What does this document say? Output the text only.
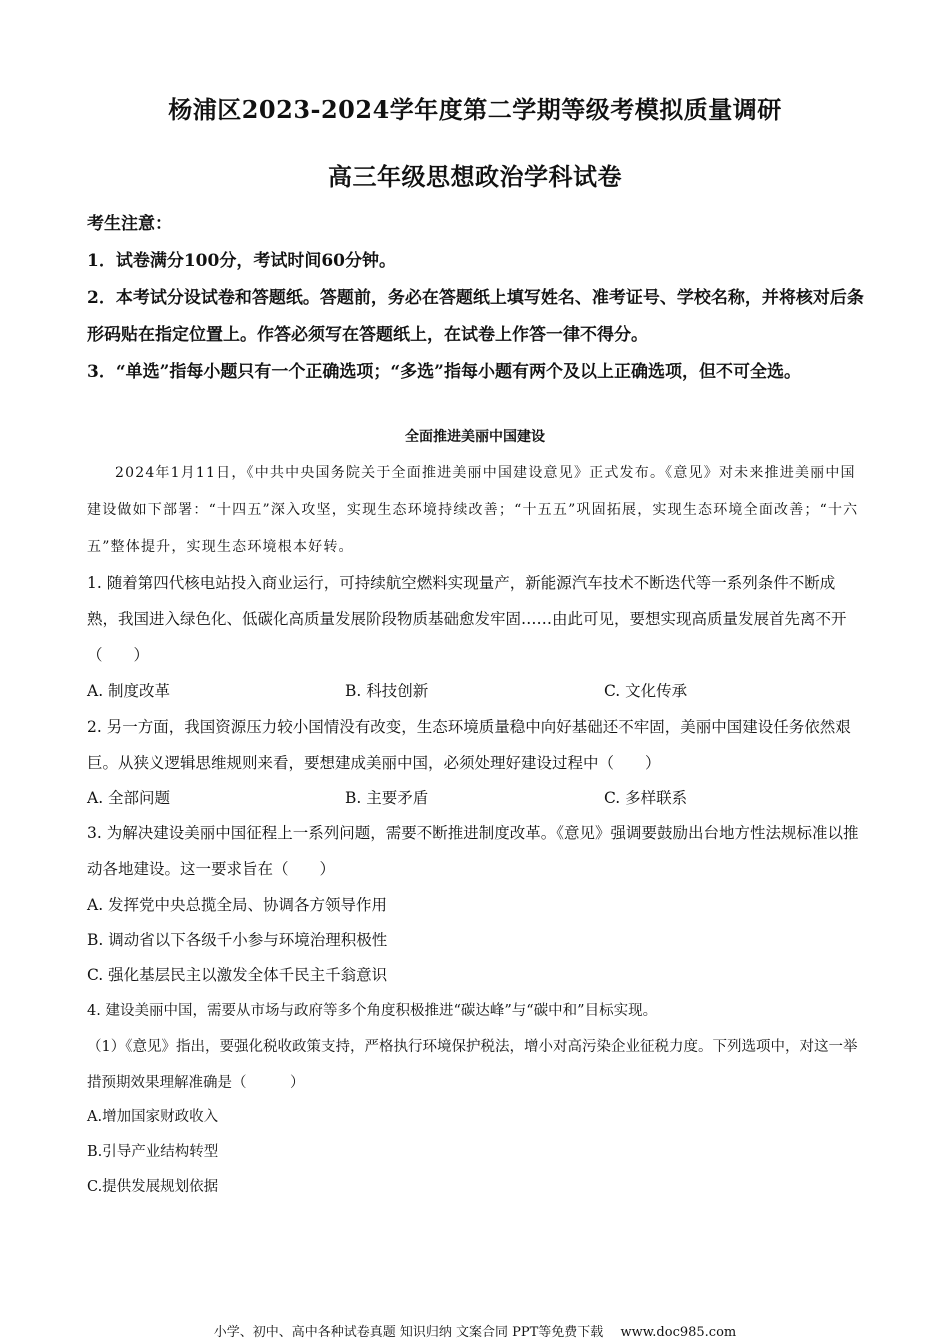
杨浦区2023-2024学年度第二学期等级考模拟质量调研
高三年级思想政治学科试卷

考生注意：

1．试卷满分100分，考试时间60分钟。

2．本考试分设试卷和答题纸。答题前，务必在答题纸上填写姓名、准考证号、学校名称，并将核对后条形码贴在指定位置上。作答必须写在答题纸上，在试卷上作答一律不得分。

3．“单选”指每小题只有一个正确选项；“多选”指每小题有两个及以上正确选项，但不可全选。

全面推进美丽中国建设

2024年1月11日，《中共中央国务院关于全面推进美丽中国建设意见》正式发布。《意见》对未来推进美丽中国建设做如下部署：“十四五”深入攻坚，实现生态环境持续改善；“十五五”巩固拓展，实现生态环境全面改善；“十六五”整体提升，实现生态环境根本好转。

1. 随着第四代核电站投入商业运行，可持续航空燃料实现量产，新能源汽车技术不断迭代等一系列条件不断成熟，我国进入绿色化、低碳化高质量发展阶段物质基础愈发牢固……由此可见，要想实现高质量发展首先离不开（　　）

A. 制度改革	B. 科技创新	C. 文化传承

2. 另一方面，我国资源压力较小国情没有改变，生态环境质量稳中向好基础还不牢固，美丽中国建设任务依然艰巨。从狭义逻辑思维规则来看，要想建成美丽中国，必须处理好建设过程中（　　）

A. 全部问题	B. 主要矛盾	C. 多样联系

3. 为解决建设美丽中国征程上一系列问题，需要不断推进制度改革。《意见》强调要鼓励出台地方性法规标准以推动各地建设。这一要求旨在（　　）

A. 发挥党中央总揽全局、协调各方领导作用

B. 调动省以下各级千小参与环境治理积极性

C. 强化基层民主以激发全体千民主千翁意识

4. 建设美丽中国，需要从市场与政府等多个角度积极推进“碳达峰”与“碳中和”目标实现。

（1）《意见》指出，要强化税收政策支持，严格执行环境保护税法，增小对高污染企业征税力度。下列选项中，对这一举措预期效果理解准确是（　　　）

A.增加国家财政收入

B.引导产业结构转型

C.提供发展规划依据

小学、初中、高中各种试卷真题 知识归纳 文案合同 PPT等免费下载　 www.doc985.com
